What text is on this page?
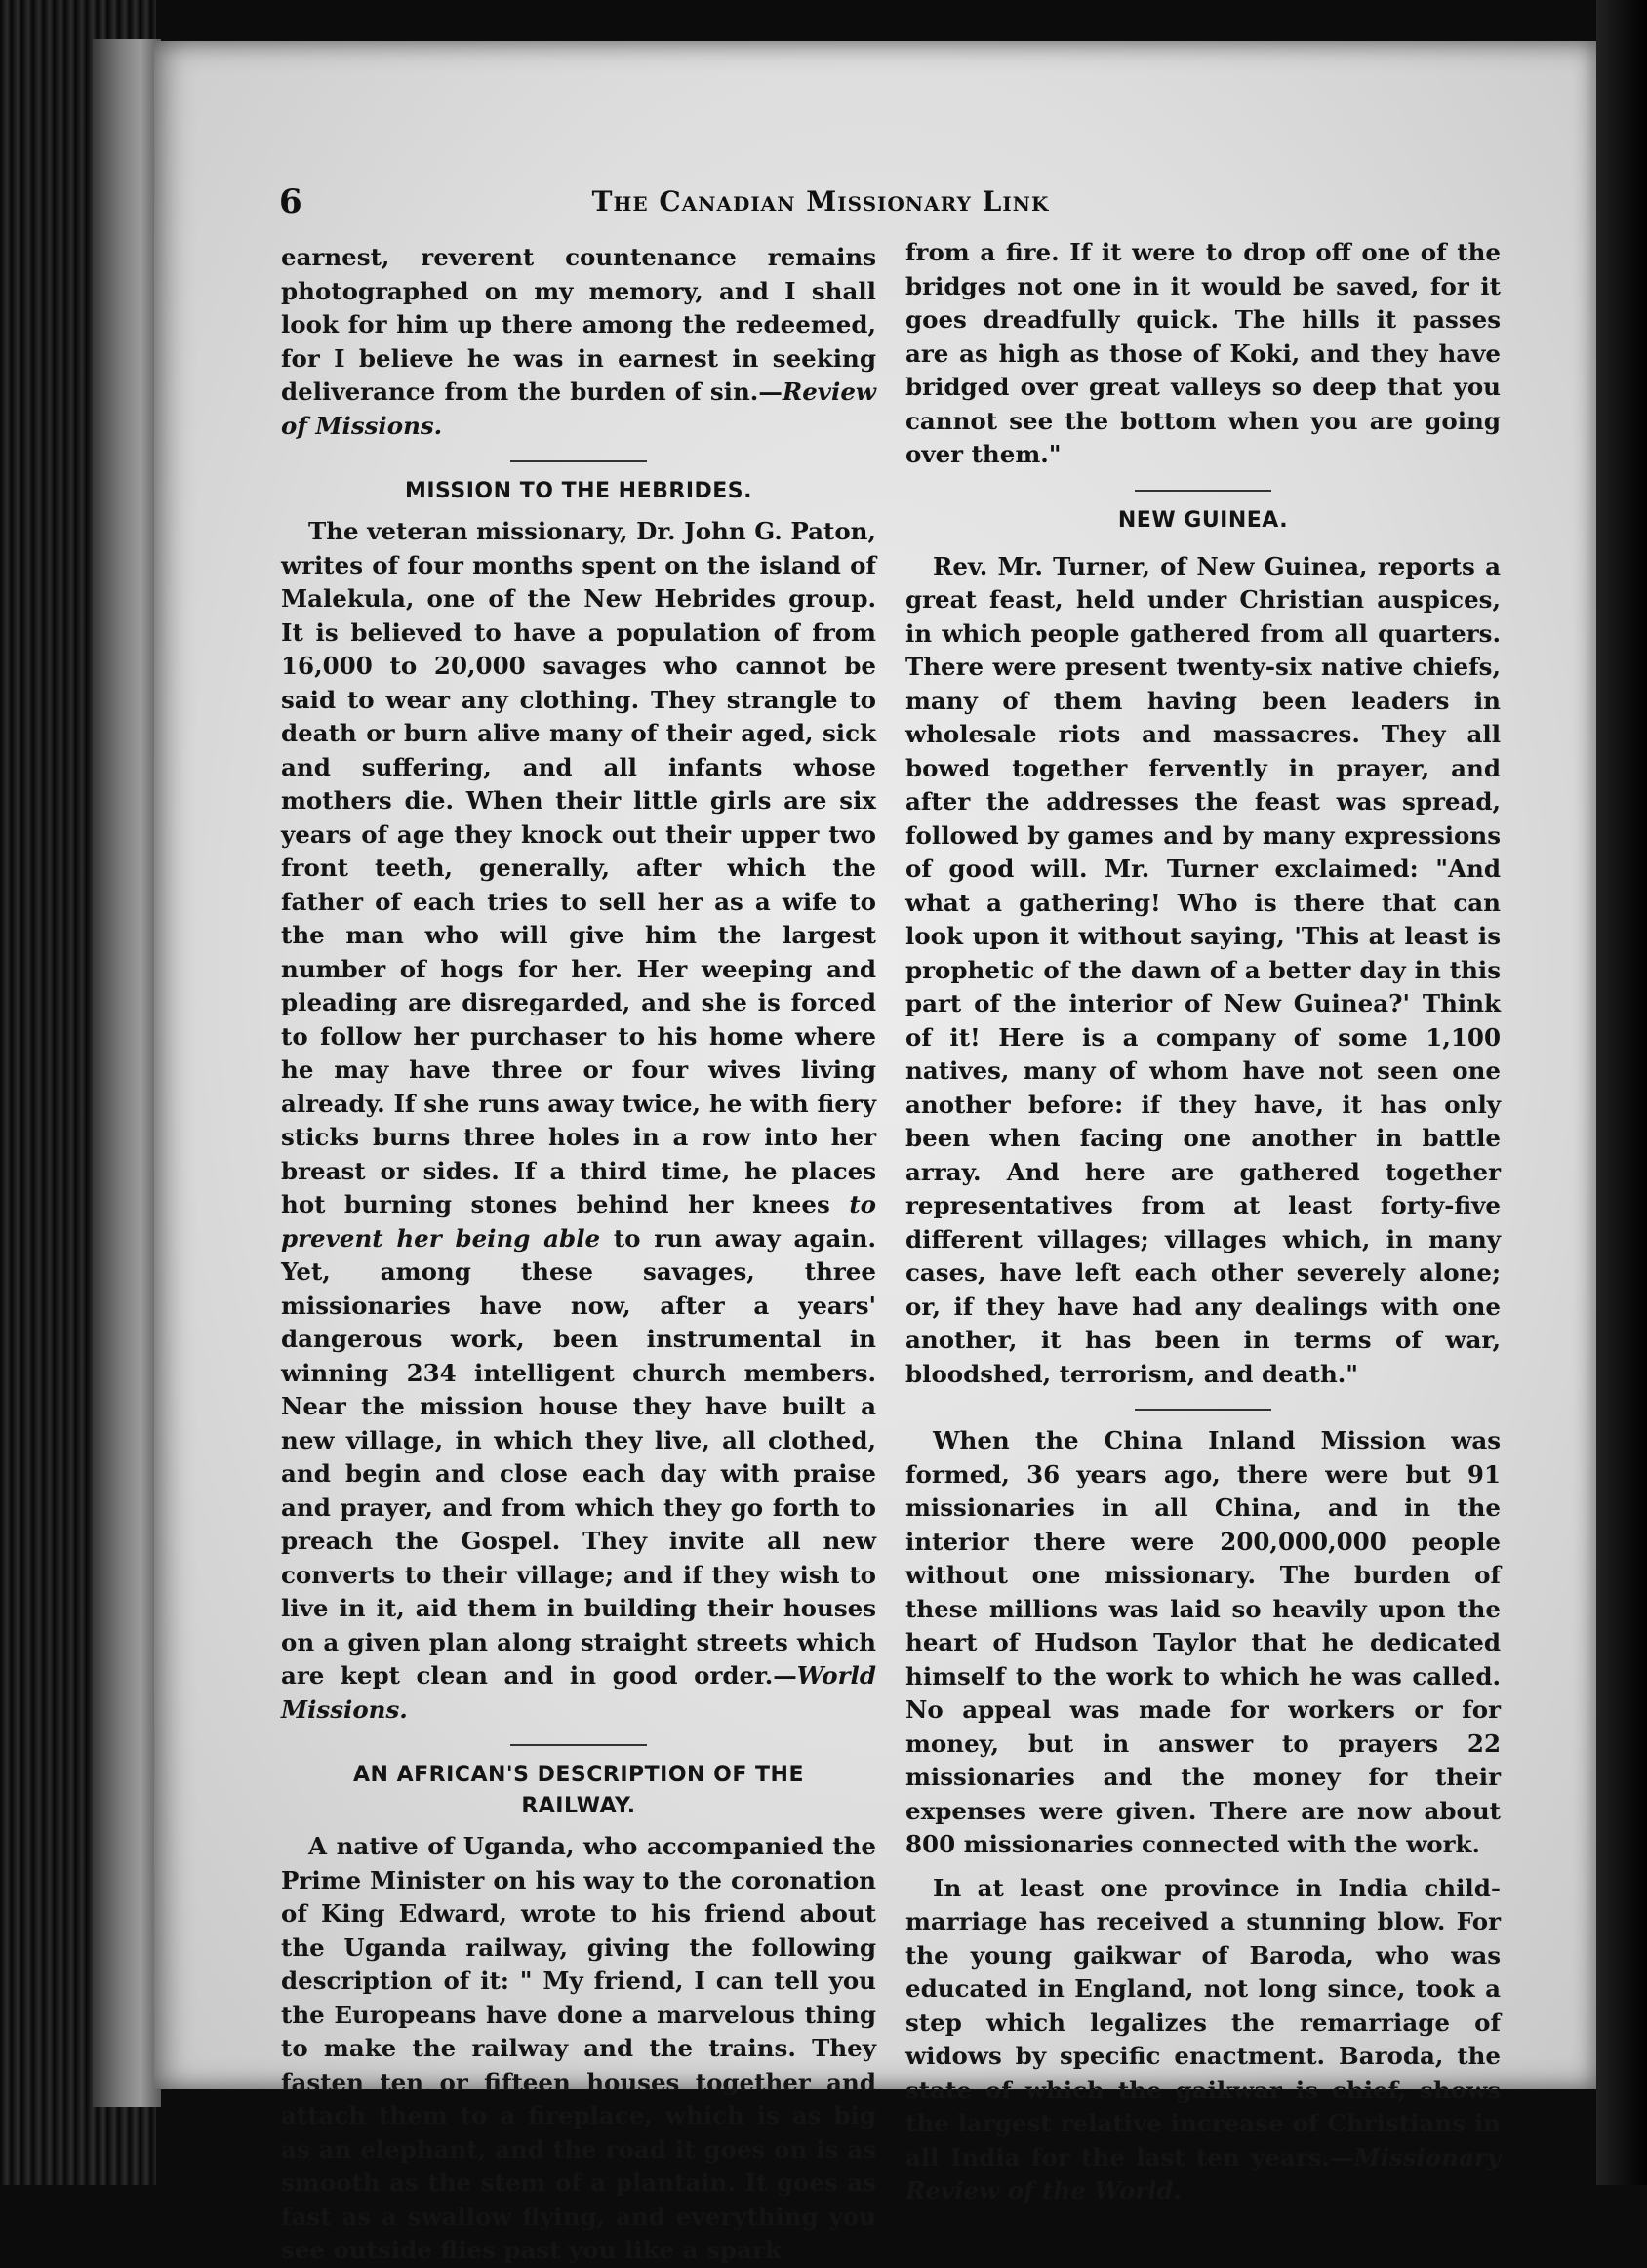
6	The Canadian Missionary Link

earnest, reverent countenance remains photographed on my memory, and I shall look for him up there among the redeemed, for I believe he was in earnest in seeking deliverance from the burden of sin.—Review of Missions.

MISSION TO THE HEBRIDES.

The veteran missionary, Dr. John G. Paton, writes of four months spent on the island of Malekula, one of the New Hebrides group. It is believed to have a population of from 16,000 to 20,000 savages who cannot be said to wear any clothing. They strangle to death or burn alive many of their aged, sick and suffering, and all infants whose mothers die. When their little girls are six years of age they knock out their upper two front teeth, generally, after which the father of each tries to sell her as a wife to the man who will give him the largest number of hogs for her. Her weeping and pleading are disregarded, and she is forced to follow her purchaser to his home where he may have three or four wives living already. If she runs away twice, he with fiery sticks burns three holes in a row into her breast or sides. If a third time, he places hot burning stones behind her knees to prevent her being able to run away again. Yet, among these savages, three missionaries have now, after a years' dangerous work, been instrumental in winning 234 intelligent church members. Near the mission house they have built a new village, in which they live, all clothed, and begin and close each day with praise and prayer, and from which they go forth to preach the Gospel. They invite all new converts to their village; and if they wish to live in it, aid them in building their houses on a given plan along straight streets which are kept clean and in good order.—World Missions.

AN AFRICAN'S DESCRIPTION OF THE
RAILWAY.

A native of Uganda, who accompanied the Prime Minister on his way to the coronation of King Edward, wrote to his friend about the Uganda railway, giving the following description of it: " My friend, I can tell you the Europeans have done a marvelous thing to make the railway and the trains. They fasten ten or fifteen houses together and attach them to a fireplace, which is as big as an elephant, and the road it goes on is as smooth as the stem of a plantain. It goes as fast as a swallow flying, and everything you see outside flies past you like a spark

from a fire. If it were to drop off one of the bridges not one in it would be saved, for it goes dreadfully quick. The hills it passes are as high as those of Koki, and they have bridged over great valleys so deep that you cannot see the bottom when you are going over them."

NEW GUINEA.

Rev. Mr. Turner, of New Guinea, reports a great feast, held under Christian auspices, in which people gathered from all quarters. There were present twenty-six native chiefs, many of them having been leaders in wholesale riots and massacres. They all bowed together fervently in prayer, and after the addresses the feast was spread, followed by games and by many expressions of good will. Mr. Turner exclaimed: "And what a gathering! Who is there that can look upon it without saying, 'This at least is prophetic of the dawn of a better day in this part of the interior of New Guinea?' Think of it! Here is a company of some 1,100 natives, many of whom have not seen one another before: if they have, it has only been when facing one another in battle array. And here are gathered together representatives from at least forty-five different villages; villages which, in many cases, have left each other severely alone; or, if they have had any dealings with one another, it has been in terms of war, bloodshed, terrorism, and death."

When the China Inland Mission was formed, 36 years ago, there were but 91 missionaries in all China, and in the interior there were 200,000,000 people without one missionary. The burden of these millions was laid so heavily upon the heart of Hudson Taylor that he dedicated himself to the work to which he was called. No appeal was made for workers or for money, but in answer to prayers 22 missionaries and the money for their expenses were given. There are now about 800 missionaries connected with the work.

In at least one province in India child-marriage has received a stunning blow. For the young gaikwar of Baroda, who was educated in England, not long since, took a step which legalizes the remarriage of widows by specific enactment. Baroda, the state of which the gaikwar is chief, shows the largest relative increase of Christians in all India for the last ten years.—Missionary Review of the World.
